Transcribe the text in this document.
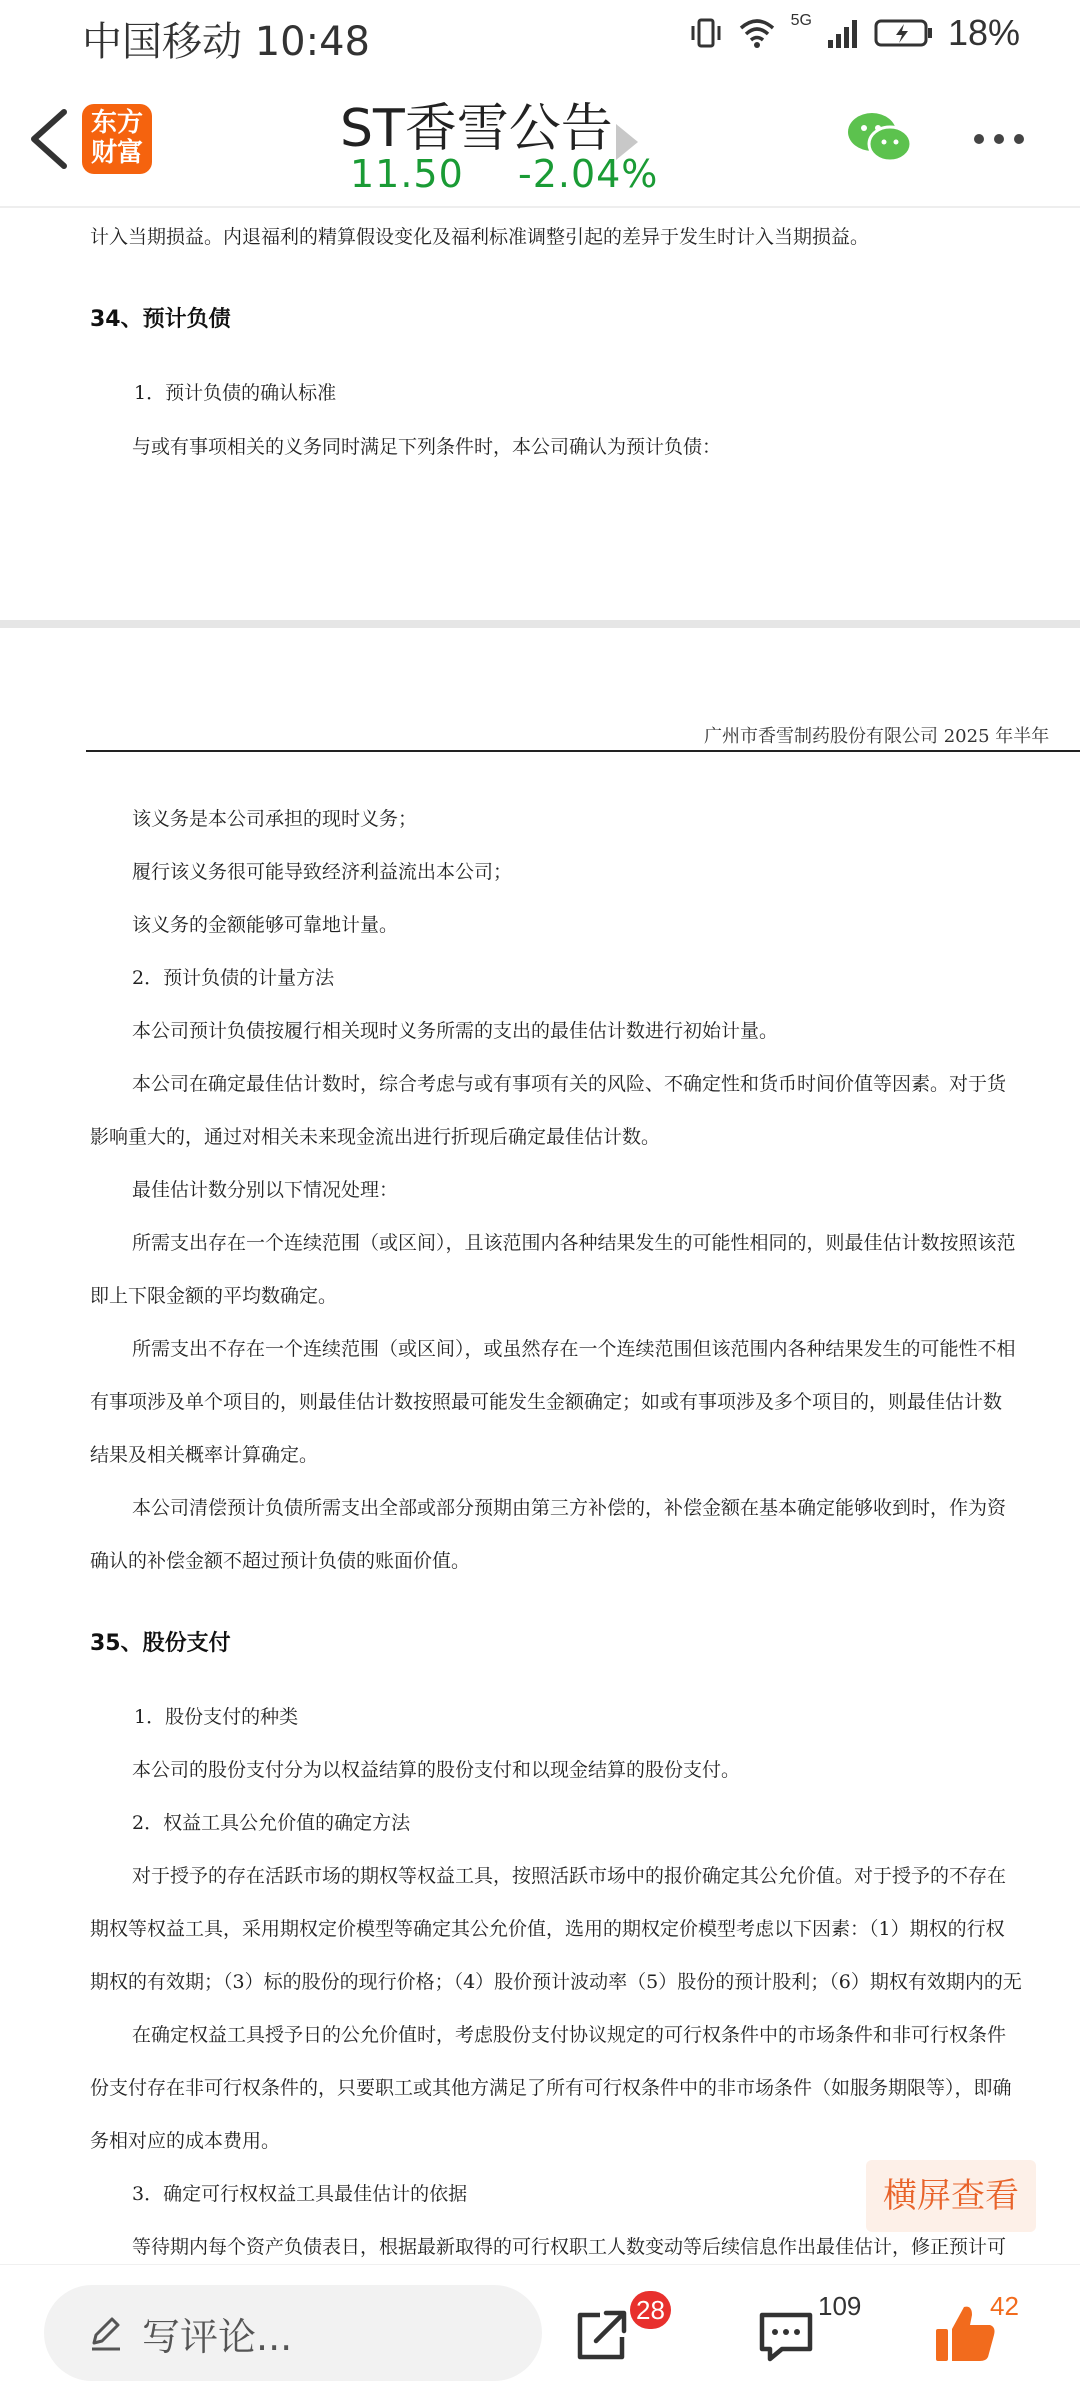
中国移动 10:48	5G	18%
东方
财富	ST香雪公告
11.50 -2.04%
计入当期损益。内退福利的精算假设变化及福利标准调整引起的差异于发生时计入当期损益。
34、预计负债
1．预计负债的确认标准
与或有事项相关的义务同时满足下列条件时，本公司确认为预计负债：
广州市香雪制药股份有限公司 2025 年半年
该义务是本公司承担的现时义务；
履行该义务很可能导致经济利益流出本公司；
该义务的金额能够可靠地计量。
2．预计负债的计量方法
本公司预计负债按履行相关现时义务所需的支出的最佳估计数进行初始计量。
本公司在确定最佳估计数时，综合考虑与或有事项有关的风险、不确定性和货币时间价值等因素。对于货
影响重大的，通过对相关未来现金流出进行折现后确定最佳估计数。
最佳估计数分别以下情况处理：
所需支出存在一个连续范围（或区间），且该范围内各种结果发生的可能性相同的，则最佳估计数按照该范
即上下限金额的平均数确定。
所需支出不存在一个连续范围（或区间），或虽然存在一个连续范围但该范围内各种结果发生的可能性不相
有事项涉及单个项目的，则最佳估计数按照最可能发生金额确定；如或有事项涉及多个项目的，则最佳估计数
结果及相关概率计算确定。
本公司清偿预计负债所需支出全部或部分预期由第三方补偿的，补偿金额在基本确定能够收到时，作为资
确认的补偿金额不超过预计负债的账面价值。
35、股份支付
1．股份支付的种类
本公司的股份支付分为以权益结算的股份支付和以现金结算的股份支付。
2．权益工具公允价值的确定方法
对于授予的存在活跃市场的期权等权益工具，按照活跃市场中的报价确定其公允价值。对于授予的不存在
期权等权益工具，采用期权定价模型等确定其公允价值，选用的期权定价模型考虑以下因素：（1）期权的行权
期权的有效期；（3）标的股份的现行价格；（4）股价预计波动率（5）股份的预计股利；（6）期权有效期内的无
在确定权益工具授予日的公允价值时，考虑股份支付协议规定的可行权条件中的市场条件和非可行权条件
份支付存在非可行权条件的，只要职工或其他方满足了所有可行权条件中的非市场条件（如服务期限等），即确
务相对应的成本费用。
3．确定可行权权益工具最佳估计的依据
等待期内每个资产负债表日，根据最新取得的可行权职工人数变动等后续信息作出最佳估计，修正预计可
横屏查看
写评论...
28	109	42
